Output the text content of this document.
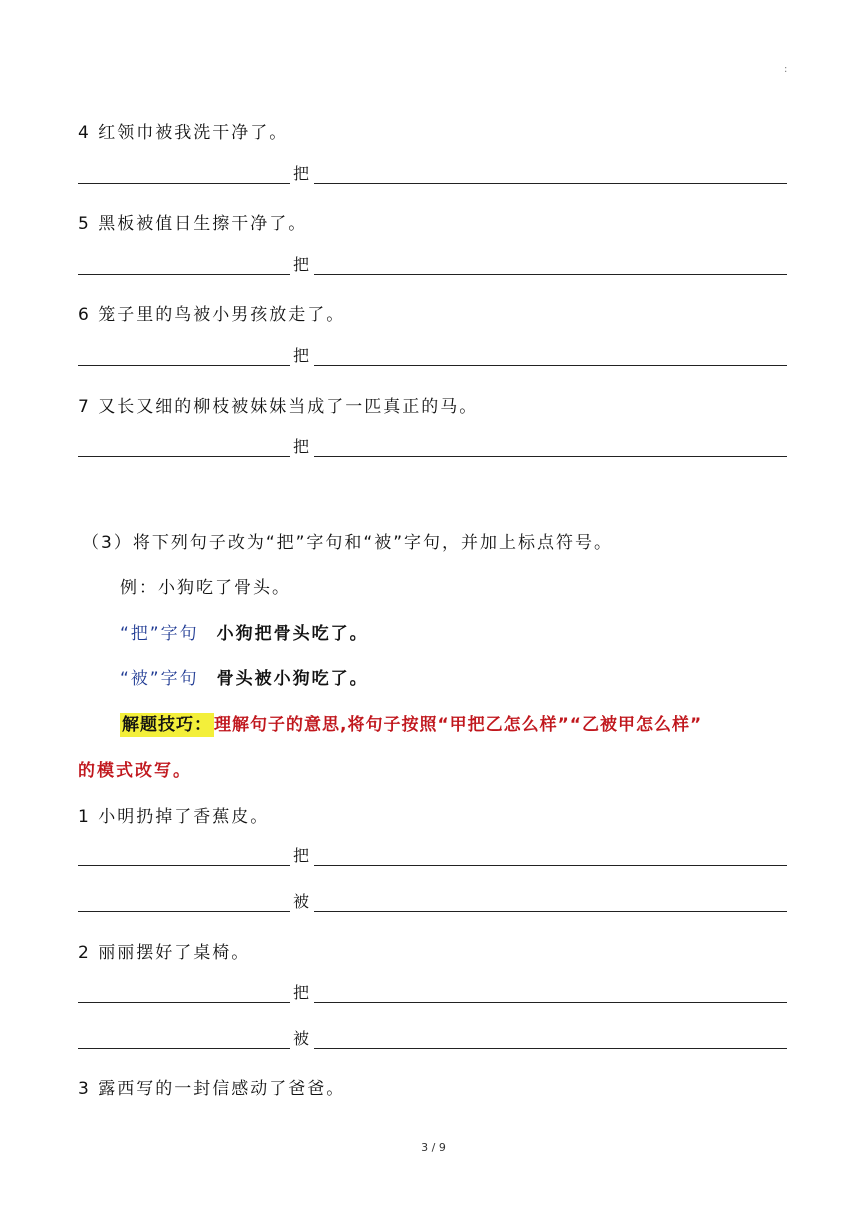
:
4 红领巾被我洗干净了。
把
5 黑板被值日生擦干净了。
把
6 笼子里的鸟被小男孩放走了。
把
7 又长又细的柳枝被妹妹当成了一匹真正的马。
把
（3）将下列句子改为“把”字句和“被”字句，并加上标点符号。
例：小狗吃了骨头。
“把”字句 小狗把骨头吃了。
“被”字句 骨头被小狗吃了。
解题技巧： 理解句子的意思,将句子按照“甲把乙怎么样”“乙被甲怎么样”
的模式改写。
1 小明扔掉了香蕉皮。
把
被
2 丽丽摆好了桌椅。
把
被
3 露西写的一封信感动了爸爸。
3 / 9
